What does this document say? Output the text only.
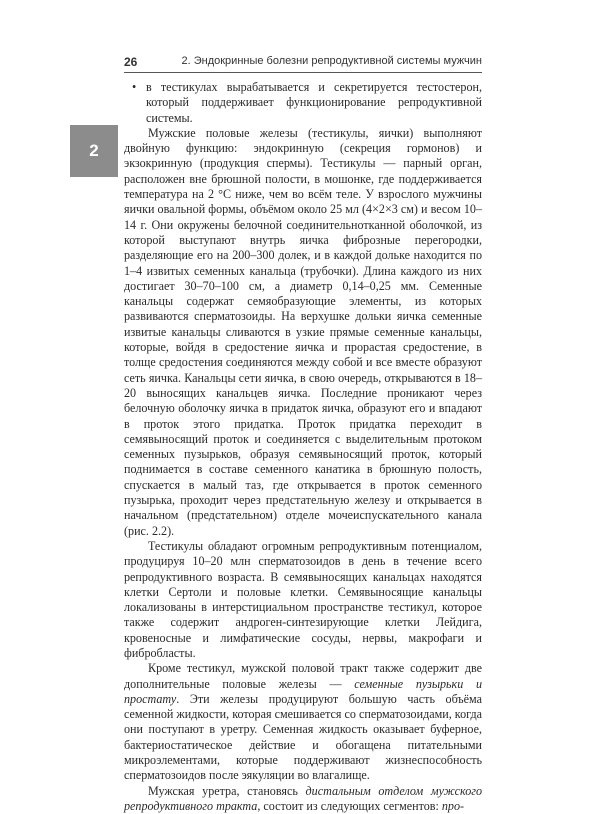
26	2. Эндокринные болезни репродуктивной системы мужчин
2
• в тестикулах вырабатывается и секретируется тестостерон, который поддерживает функционирование репродуктивной системы.

Мужские половые железы (тестикулы, яички) выполняют двойную функцию: эндокринную (секреция гормонов) и экзокринную (продукция спермы). Тестикулы — парный орган, расположен вне брюшной полости, в мошонке, где поддерживается температура на 2 °С ниже, чем во всём теле. У взрослого мужчины яички овальной формы, объёмом около 25 мл (4×2×3 см) и весом 10–14 г. Они окружены белочной соединительнотканной оболочкой, из которой выступают внутрь яичка фиброзные перегородки, разделяющие его на 200–300 долек, и в каждой дольке находится по 1–4 извитых семенных канальца (трубочки). Длина каждого из них достигает 30–70–100 см, а диаметр 0,14–0,25 мм. Семенные канальцы содержат семяобразующие элементы, из которых развиваются сперматозоиды. На верхушке дольки яичка семенные извитые канальцы сливаются в узкие прямые семенные канальцы, которые, войдя в средостение яичка и прорастая средостение, в толще средостения соединяются между собой и все вместе образуют сеть яичка. Канальцы сети яичка, в свою очередь, открываются в 18–20 выносящих канальцев яичка. Последние проникают через белочную оболочку яичка в придаток яичка, образуют его и впадают в проток этого придатка. Проток придатка переходит в семявыносящий проток и соединяется с выделительным протоком семенных пузырьков, образуя семявыносящий проток, который поднимается в составе семенного канатика в брюшную полость, спускается в малый таз, где открывается в проток семенного пузырька, проходит через предстательную железу и открывается в начальном (предстательном) отделе мочеиспускательного канала (рис. 2.2).

Тестикулы обладают огромным репродуктивным потенциалом, продуцируя 10–20 млн сперматозоидов в день в течение всего репродуктивного возраста. В семявыносящих канальцах находятся клетки Сертоли и половые клетки. Семявыносящие канальцы локализованы в интерстициальном пространстве тестикул, которое также содержит андроген-синтезирующие клетки Лейдига, кровеносные и лимфатические сосуды, нервы, макрофаги и фибробласты.

Кроме тестикул, мужской половой тракт также содержит две дополнительные половые железы — семенные пузырьки и простату. Эти железы продуцируют большую часть объёма семенной жидкости, которая смешивается со сперматозоидами, когда они поступают в уретру. Семенная жидкость оказывает буферное, бактериостатическое действие и обогащена питательными микроэлементами, которые поддерживают жизнеспособность сперматозоидов после эякуляции во влагалище.

Мужская уретра, становясь дистальным отделом мужского репродуктивного тракта, состоит из следующих сегментов: про-
